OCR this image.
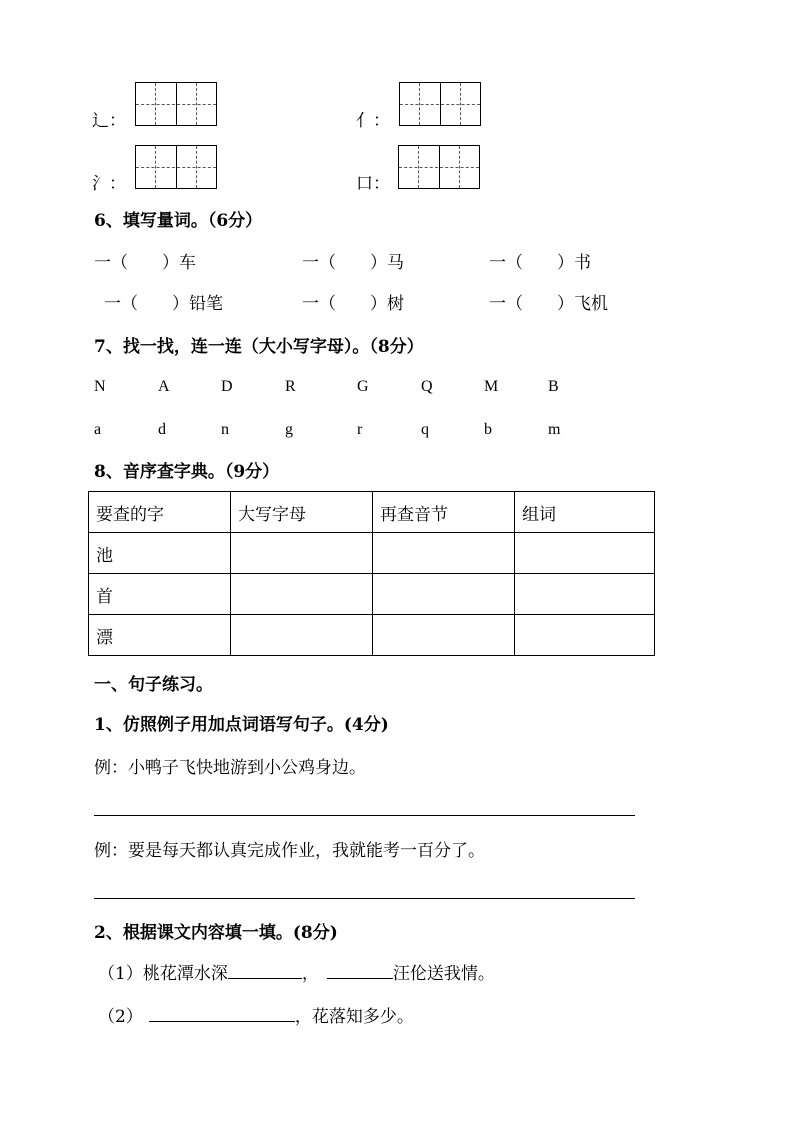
辶：	亻：
氵：	口：
6、填写量词。（6分）
一（　　）车	一（　　）马	一（　　）书
一（　　）铅笔	一（　　）树	一（　　）飞机
7、找一找，连一连（大小写字母）。（8分）
N	A	D	R	G	Q	M	B
a	d	n	g	r	q	b	m
8、音序查字典。（9分）
要查的字	大写字母	再查音节	组词
池			
首			
漂			
一、句子练习。
1、仿照例子用加点词语写句子。(4分)
例：小鸭子飞快地游到小公鸡身边。
例：要是每天都认真完成作业，我就能考一百分了。
2、根据课文内容填一填。(8分)
（1）桃花潭水深	，	汪伦送我情。
（2）	，花落知多少。
